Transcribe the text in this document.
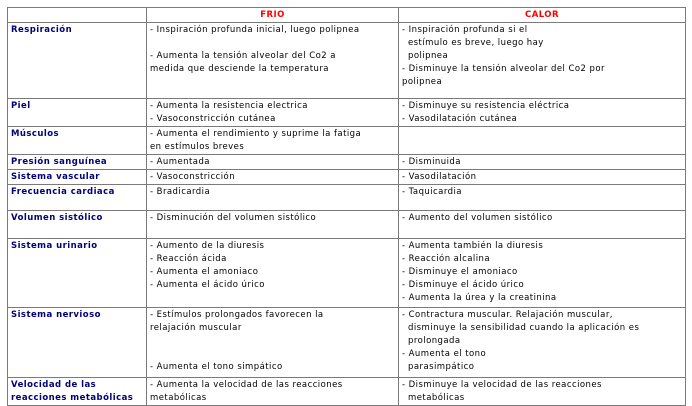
	FRIO	CALOR
Respiración	- Inspiración profunda inicial, luego polipnea
- Aumenta la tensión alveolar del Co2 a
medida que desciende la temperatura	- Inspiración profunda si el
estímulo es breve, luego hay
polipnea
- Disminuye la tensión alveolar del Co2 por
polipnea

Piel	- Aumenta la resistencia electrica
- Vasoconstricción cutánea	- Disminuye su resistencia eléctrica
- Vasodilatación cutánea

Músculos	- Aumenta el rendimiento y suprime la fatiga
en estímulos breves	

Presión sanguínea	- Aumentada	- Disminuida

Sistema vascular	- Vasoconstricción	- Vasodilatación

Frecuencia cardiaca	- Bradicardia	- Taquicardia

Volumen sistólico	- Disminución del volumen sistólico	- Aumento del volumen sistólico

Sistema urinario	- Aumento de la diuresis
- Reacción ácida
- Aumenta el amoniaco
- Aumenta el ácido úrico	- Aumenta también la diuresis
- Reacción alcalina
- Disminuye el amoniaco
- Disminuye el ácido úrico
- Aumenta la úrea y la creatinina

Sistema nervioso	- Estímulos prolongados favorecen la
relajación muscular
- Aumenta el tono simpático	- Contractura muscular. Relajación muscular,
disminuye la sensibilidad cuando la aplicación es
prolongada
- Aumenta el tono
parasimpático

Velocidad de las
reacciones metabólicas	- Aumenta la velocidad de las reacciones
metabólicas	- Disminuye la velocidad de las reacciones
metabólicas
